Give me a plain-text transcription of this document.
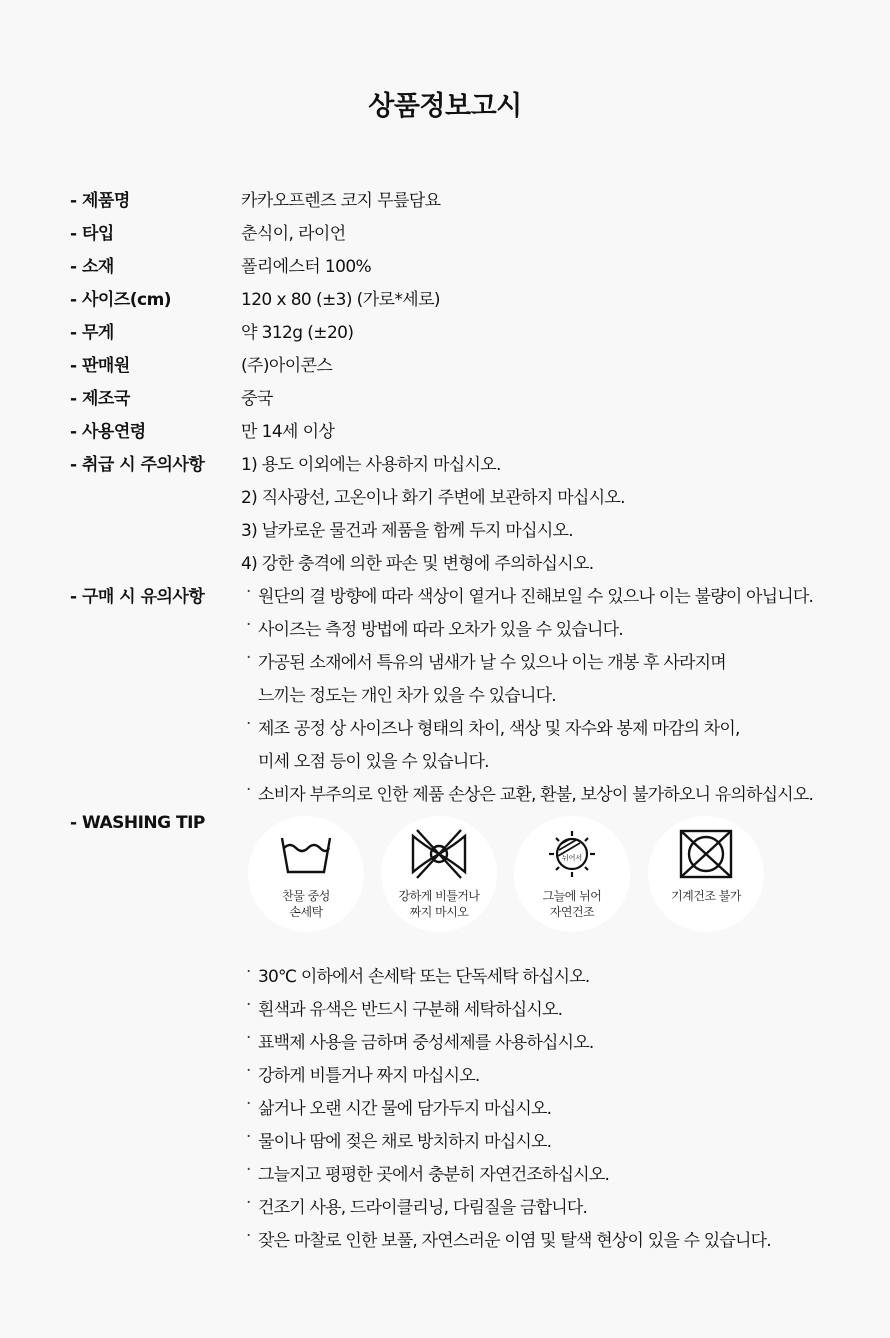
상품정보고시
- 제품명	카카오프렌즈 코지 무릎담요
- 타입	춘식이, 라이언
- 소재	폴리에스터 100%
- 사이즈(cm)	120 x 80 (±3) (가로*세로)
- 무게	약 312g (±20)
- 판매원	(주)아이콘스
- 제조국	중국
- 사용연령	만 14세 이상
- 취급 시 주의사항 1) 용도 이외에는 사용하지 마십시오.
2) 직사광선, 고온이나 화기 주변에 보관하지 마십시오.
3) 날카로운 물건과 제품을 함께 두지 마십시오.
4) 강한 충격에 의한 파손 및 변형에 주의하십시오.
- 구매 시 유의사항 · 원단의 결 방향에 따라 색상이 옅거나 진해보일 수 있으나 이는 불량이 아닙니다.
· 사이즈는 측정 방법에 따라 오차가 있을 수 있습니다.
· 가공된 소재에서 특유의 냄새가 날 수 있으나 이는 개봉 후 사라지며
느끼는 정도는 개인 차가 있을 수 있습니다.
· 제조 공정 상 사이즈나 형태의 차이, 색상 및 자수와 봉제 마감의 차이,
미세 오점 등이 있을 수 있습니다.
· 소비자 부주의로 인한 제품 손상은 교환, 환불, 보상이 불가하오니 유의하십시오.
- WASHING TIP
찬물 중성
손세탁
강하게 비틀거나
짜지 마시오
뉘어서
그늘에 뉘어
자연건조
기계건조 불가
· 30℃ 이하에서 손세탁 또는 단독세탁 하십시오.
· 흰색과 유색은 반드시 구분해 세탁하십시오.
· 표백제 사용을 금하며 중성세제를 사용하십시오.
· 강하게 비틀거나 짜지 마십시오.
· 삶거나 오랜 시간 물에 담가두지 마십시오.
· 물이나 땀에 젖은 채로 방치하지 마십시오.
· 그늘지고 평평한 곳에서 충분히 자연건조하십시오.
· 건조기 사용, 드라이클리닝, 다림질을 금합니다.
· 잦은 마찰로 인한 보풀, 자연스러운 이염 및 탈색 현상이 있을 수 있습니다.
